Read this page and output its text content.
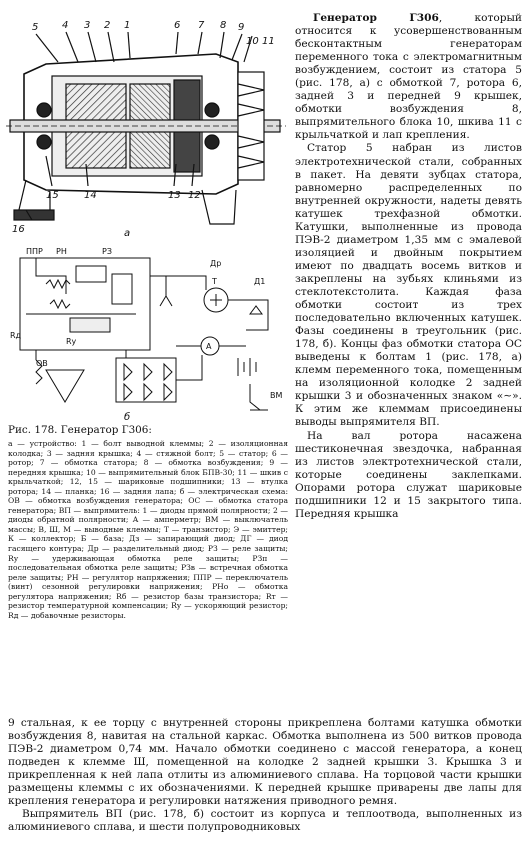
5 4 3 2 1	6 7 8 9
10 11
15	14	13 12
16	а
ППР РН	РЗ
Др
Т	Д1
Rу
Rд
ОВ
А
ВМ
б
Рис. 178. Генератор Г306:

а — устройство: 1 — болт выводной клеммы; 2 — изоляционная колодка; 3 — задняя крышка; 4 — стяжной болт; 5 — статор; 6 — ротор; 7 — обмотка статора; 8 — обмотка возбуждения; 9 — передняя крышка; 10 — выпрямительный блок БПВ-30; 11 — шкив с крыльчаткой; 12, 15 — шариковые подшипники; 13 — втулка ротора; 14 — планка; 16 — задняя лапа; б — электрическая схема: ОВ — обмотка возбуждения генератора; ОС — обмотка статора генератора; ВП — выпрямитель: 1 — диоды прямой полярности; 2 — диоды обратной полярности; А — амперметр; ВМ — выключатель массы; В, Ш, М — выводные клеммы; Т — транзистор; Э — эмиттер; К — коллектор; Б — база; Дз — запирающий диод; ДГ — диод гасящего контура; Др — разделительный диод; РЗ — реле защиты; Rу — удерживающая обмотка реле защиты; РЗп — последовательная обмотка реле защиты; РЗв — встречная обмотка реле защиты; РН — регулятор напряжения; ППР — переключатель (винт) сезонной регулировки напряжения; РНо — обмотка регулятора напряжения; Rб — резистор базы транзистора; Rт — резистор температурной компенсации; Rу — ускоряющий резистор; Rд — добавочные резисторы.

Генератор Г306, который относится к усовершенствованным бесконтактным генераторам переменного тока с электромагнитным возбуждением, состоит из статора 5 (рис. 178, а) с обмоткой 7, ротора 6, задней 3 и передней 9 крышек, обмотки возбуждения 8, выпрямительного блока 10, шкива 11 с крыльчаткой и лап крепления.

Статор 5 набран из листов электротехнической стали, собранных в пакет. На девяти зубцах статора, равномерно распределенных по внутренней окружности, надеты девять катушек трехфазной обмотки. Катушки, выполненные из провода ПЭВ-2 диаметром 1,35 мм с эмалевой изоляцией и двойным покрытием имеют по двадцать восемь витков и закреплены на зубьях клиньями из стеклотекстолита. Каждая фаза обмотки состоит из трех последовательно включенных катушек. Фазы соединены в треугольник (рис. 178, б). Концы фаз обмотки статора ОС выведены к болтам 1 (рис. 178, а) клемм переменного тока, помещенным на изоляционной колодке 2 задней крышки 3 и обозначенных знаком «∼». К этим же клеммам присоединены выводы выпрямителя ВП.

На вал ротора насажена шестиконечная звездочка, набранная из листов электротехнической стали, которые соединены заклепками. Опорами ротора служат шариковые подшипники 12 и 15 закрытого типа. Передняя крышка

9 стальная, к ее торцу с внутренней стороны прикреплена болтами катушка обмотки возбуждения 8, навитая на стальной каркас. Обмотка выполнена из 500 витков провода ПЭВ-2 диаметром 0,74 мм. Начало обмотки соединено с массой генератора, а конец подведен к клемме Ш, помещенной на колодке 2 задней крышки 3. Крышка 3 и прикрепленная к ней лапа отлиты из алюминиевого сплава. На торцовой части крышки размещены клеммы с их обозначениями. К передней крышке приварены две лапы для крепления генератора и регулировки натяжения приводного ремня.

Выпрямитель ВП (рис. 178, б) состоит из корпуса и теплоотвода, выполненных из алюминиевого сплава, и шести полупроводниковых
